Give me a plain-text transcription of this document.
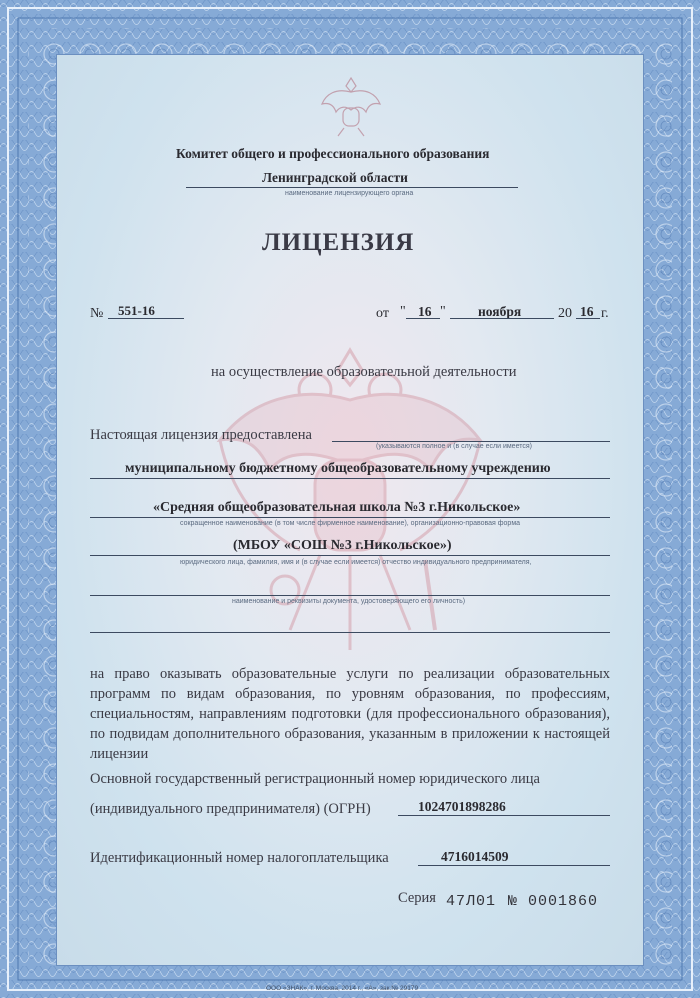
Комитет общего и профессионального образования
Ленинградской области
наименование лицензирующего органа
ЛИЦЕНЗИЯ
№ 551-16	от " 16 " ноября	20 16 г.
на осуществление образовательной деятельности
Настоящая лицензия предоставлена
(указываются полное и (в случае если имеется)
муниципальному бюджетному общеобразовательному учреждению
«Средняя общеобразовательная школа №3 г.Никольское»
сокращенное наименование (в том числе фирменное наименование), организационно-правовая форма
(МБОУ «СОШ №3 г.Никольское»)
юридического лица, фамилия, имя и (в случае если имеется) отчество индивидуального предпринимателя,
наименование и реквизиты документа, удостоверяющего его личность)
на право оказывать образовательные услуги по реализации образовательных программ по видам образования, по уровням образования, по профессиям, специальностям, направлениям подготовки (для профессионального образования), по подвидам дополнительного образования, указанным в приложении к настоящей лицензии
Основной государственный регистрационный номер юридического лица
(индивидуального предпринимателя) (ОГРН)	1024701898286
Идентификационный номер налогоплательщика	4716014509
Серия 47Л01 № 0001860
ООО «ЗНАК», г. Москва, 2014 г., «А», зак.№ 29179
